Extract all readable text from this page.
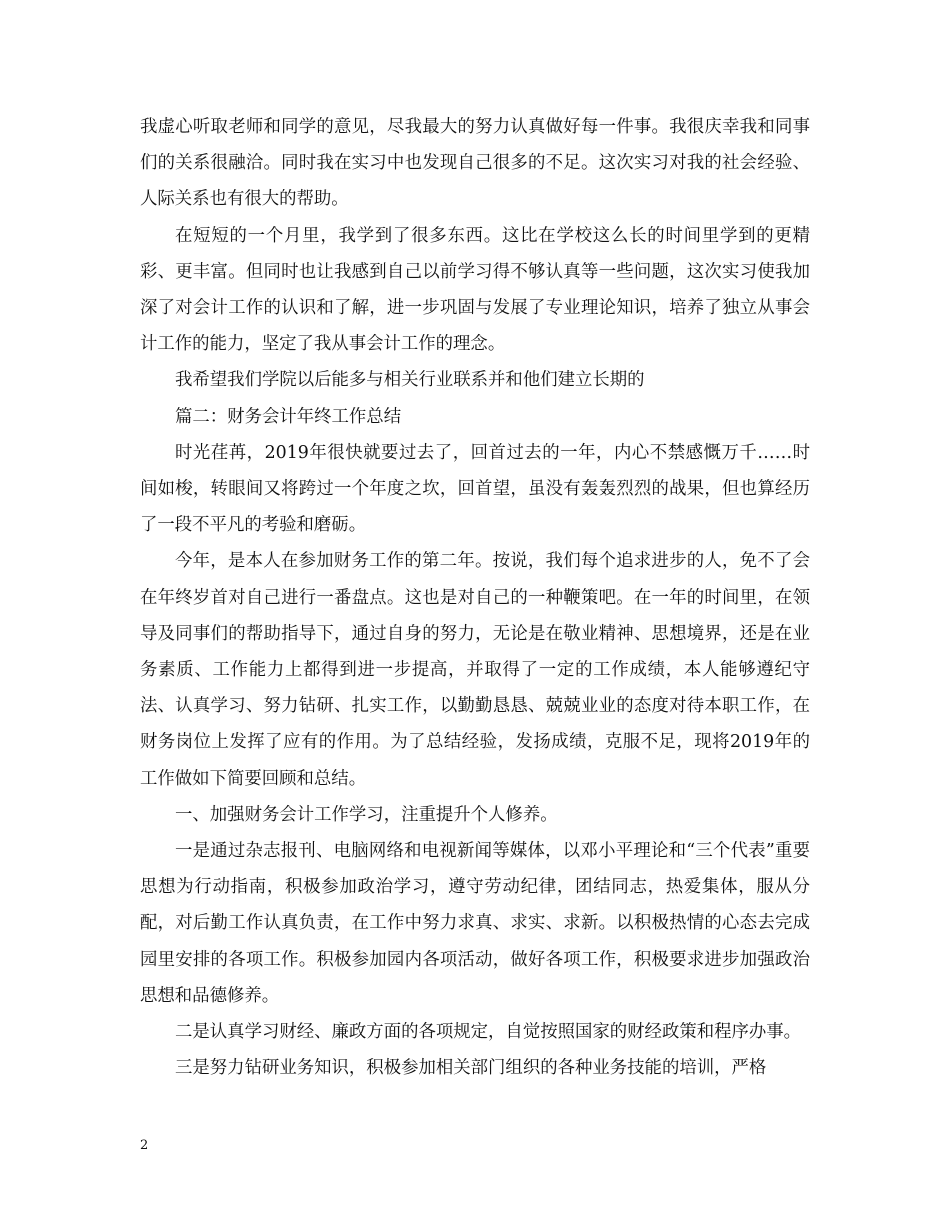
我虚心听取老师和同学的意见，尽我最大的努力认真做好每一件事。我很庆幸我和同事们的关系很融洽。同时我在实习中也发现自己很多的不足。这次实习对我的社会经验、人际关系也有很大的帮助。

在短短的一个月里，我学到了很多东西。这比在学校这么长的时间里学到的更精彩、更丰富。但同时也让我感到自己以前学习得不够认真等一些问题，这次实习使我加深了对会计工作的认识和了解，进一步巩固与发展了专业理论知识，培养了独立从事会计工作的能力，坚定了我从事会计工作的理念。

我希望我们学院以后能多与相关行业联系并和他们建立长期的

篇二：财务会计年终工作总结

时光荏苒，2019年很快就要过去了，回首过去的一年，内心不禁感慨万千……时间如梭，转眼间又将跨过一个年度之坎，回首望，虽没有轰轰烈烈的战果，但也算经历了一段不平凡的考验和磨砺。

今年，是本人在参加财务工作的第二年。按说，我们每个追求进步的人，免不了会在年终岁首对自己进行一番盘点。这也是对自己的一种鞭策吧。在一年的时间里，在领导及同事们的帮助指导下，通过自身的努力，无论是在敬业精神、思想境界，还是在业务素质、工作能力上都得到进一步提高，并取得了一定的工作成绩，本人能够遵纪守法、认真学习、努力钻研、扎实工作，以勤勤恳恳、兢兢业业的态度对待本职工作，在财务岗位上发挥了应有的作用。为了总结经验，发扬成绩，克服不足，现将2019年的工作做如下简要回顾和总结。

一、加强财务会计工作学习，注重提升个人修养。

一是通过杂志报刊、电脑网络和电视新闻等媒体，以邓小平理论和“三个代表”重要思想为行动指南，积极参加政治学习，遵守劳动纪律，团结同志，热爱集体，服从分配，对后勤工作认真负责，在工作中努力求真、求实、求新。以积极热情的心态去完成园里安排的各项工作。积极参加园内各项活动，做好各项工作，积极要求进步加强政治思想和品德修养。

二是认真学习财经、廉政方面的各项规定，自觉按照国家的财经政策和程序办事。

三是努力钻研业务知识，积极参加相关部门组织的各种业务技能的培训，严格

2
